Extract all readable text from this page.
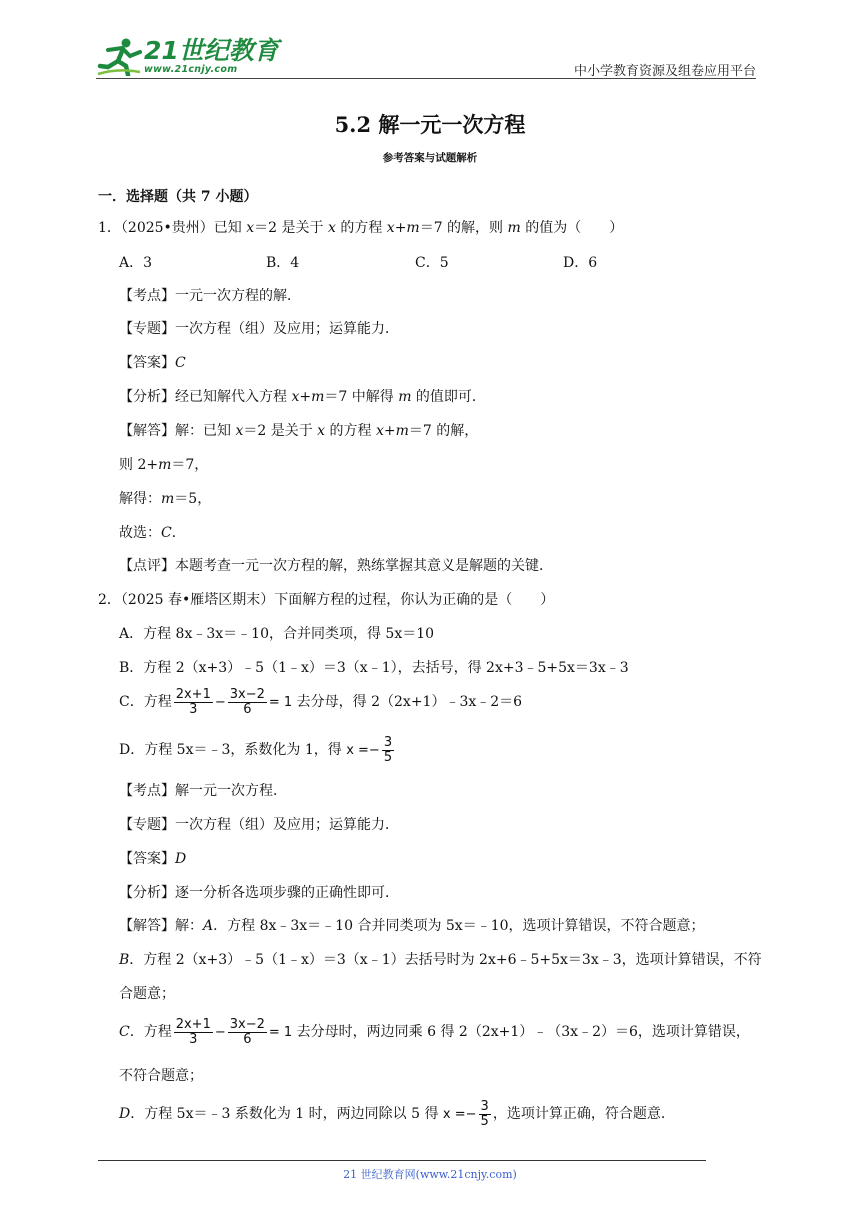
21世纪教育
www.21cnjy.com	中小学教育资源及组卷应用平台
5.2 解一元一次方程
参考答案与试题解析
一．选择题（共 7 小题）
1．（2025•贵州）已知 x＝2 是关于 x 的方程 x+m＝7 的解，则 m 的值为（　　）
A．3	B．4	C．5	D．6
【考点】一元一次方程的解．
【专题】一次方程（组）及应用；运算能力．
【答案】C
【分析】经已知解代入方程 x+m＝7 中解得 m 的值即可．
【解答】解：已知 x＝2 是关于 x 的方程 x+m＝7 的解，
则 2+m＝7，
解得：m＝5，
故选：C．
【点评】本题考查一元一次方程的解，熟练掌握其意义是解题的关键．
2．（2025 春•雁塔区期末）下面解方程的过程，你认为正确的是（　　）
A．方程 8x﹣3x＝﹣10，合并同类项，得 5x＝10
B．方程 2（x+3）﹣5（1﹣x）＝3（x﹣1），去括号，得 2x+3﹣5+5x＝3x﹣3
C．方程 $\frac{2x+1}{3} - \frac{3x-2}{6} = 1$ 去分母，得 2（2x+1）﹣3x﹣2＝6
D．方程 5x＝﹣3，系数化为 1，得 $x =- \frac{3}{5}$
【考点】解一元一次方程．
【专题】一次方程（组）及应用；运算能力．
【答案】D
【分析】逐一分析各选项步骤的正确性即可．
【解答】解：A．方程 8x﹣3x＝﹣10 合并同类项为 5x＝﹣10，选项计算错误，不符合题意；
B．方程 2（x+3）﹣5（1﹣x）＝3（x﹣1）去括号时为 2x+6﹣5+5x＝3x﹣3，选项计算错误，不符
合题意；
C．方程 $\frac{2x+1}{3} - \frac{3x-2}{6} = 1$ 去分母时，两边同乘 6 得 2（2x+1）﹣（3x﹣2）＝6，选项计算错误，
不符合题意；
D．方程 5x＝﹣3 系数化为 1 时，两边同除以 5 得 $x =- \frac{3}{5}$ ，选项计算正确，符合题意．
21 世纪教育网(www.21cnjy.com)
